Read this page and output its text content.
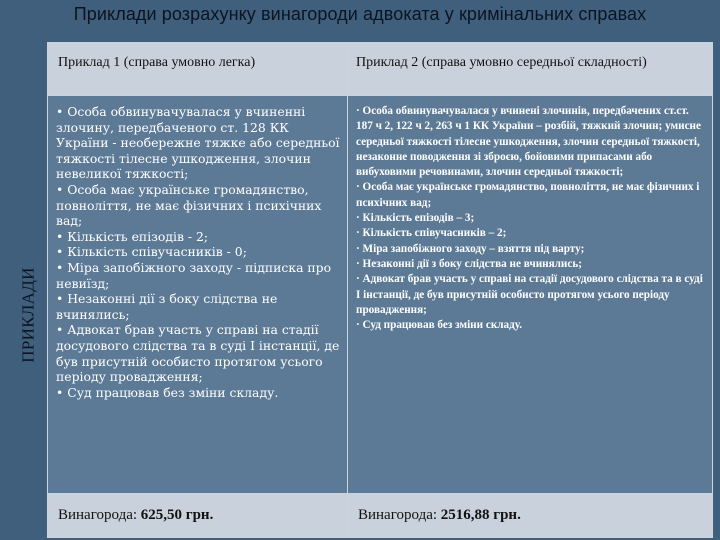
Приклади розрахунку винагороди адвоката у кримінальних справах
ПРИКЛАДИ
Приклад 1 (справа умовно легка)	Приклад 2 (справа умовно середньої складності)

• Особа обвинувачувалася у вчиненні злочину, передбаченого ст. 128 КК України - необережне тяжке або середньої тяжкості тілесне ушкодження, злочин невеликої тяжкості;

• Особа має українське громадянство, повноліття, не має фізичних і психічних вад;

• Кількість епізодів - 2;

• Кількість співучасників - 0;

• Міра запобіжного заходу - підписка про невиїзд;

• Незаконні дії з боку слідства не вчинялись;

• Адвокат брав участь у справі на стадії досудового слідства та в суді I інстанції, де був присутній особисто протягом усього періоду провадження;

• Суд працював без зміни складу.

· Особа обвинувачувалася у вчинені злочинів, передбачених ст.ст. 187 ч 2, 122 ч 2, 263 ч 1 КК України – розбій, тяжкий злочин; умисне середньої тяжкості тілесне ушкодження, злочин середньої тяжкості, незаконне поводження зі зброєю, бойовими припасами або вибуховими речовинами, злочин середньої тяжкості;

· Особа має українське громадянство, повноліття, не має фізичних і психічних вад;

· Кількість епізодів – 3;

· Кількість співучасників – 2;

· Міра запобіжного заходу – взяття під варту;

· Незаконні дії з боку слідства не вчинялись;

· Адвокат брав участь у справі на стадії досудового слідства та в суді I інстанції, де був присутній особисто протягом усього періоду провадження;

· Суд працював без зміни складу.

Винагорода: 625,50 грн.	Винагорода: 2516,88 грн.
